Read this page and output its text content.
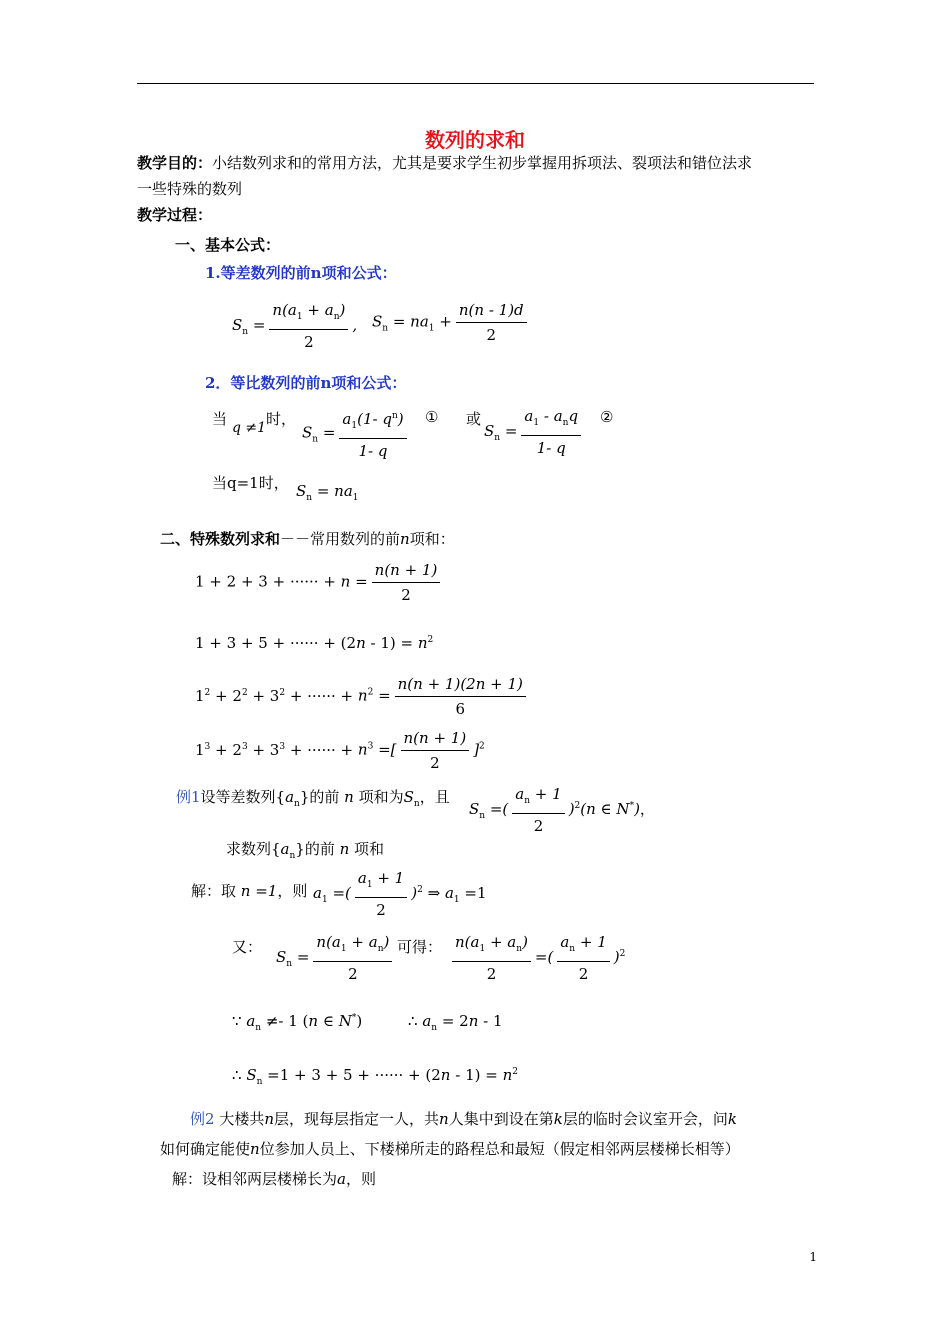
数列的求和
教学目的：小结数列求和的常用方法，尤其是要求学生初步掌握用拆项法、裂项法和错位法求
一些特殊的数列
教学过程：
一、基本公式：
1.等差数列的前n项和公式：
$S_n = \frac{n(a_1 + a_n)}{2}$ , $S_n = na_1 + \frac{n(n - 1)d}{2}$
2．等比数列的前n项和公式：
当 q ≠1 时，
$S_n = \frac{a_1(1- q^n)}{1- q}$ ① 或
$S_n = \frac{a_1 - a_nq}{1- q}$ ②
当q=1时， $S_n = na_1$
二、特殊数列求和－－常用数列的前n项和：
1 + 2 + 3 + ······ + $n = \frac{n(n + 1)}{2}$
1 + 3 + 5 + ······ + $(2n - 1) = n^2$
$1^2 + 2^2 + 3^2$ + ······ + $n^2 = \frac{n(n + 1)(2n + 1)}{6}$
$1^3 + 2^3 + 3^3$ + ······ + $n^3$ =[ $\frac{n(n + 1)}{2} ]^2$
例1设等差数列$\{a_n\}$的前 n 项和为$S_n$，且
$S_n$ =( $\frac{a_n + 1}{2} )^2(n$ ∈ N*)，
求数列$\{a_n\}$的前 n 项和
解：取 n =1，则 $a_1$ =( $\frac{a_1 + 1}{2} )^2$ ⇒ $a_1 =1$
又：
$S_n = \frac{n(a_1 + a_n)}{2}$ 可得： $\frac{n(a_1 + a_n)}{2}$ =( $\frac{a_n + 1}{2} )^2$
∵ $a_n \ne- 1$ (n ∈ N*)	∴ $a_n = 2n - 1$
∴ $S_n =1 + 3 + 5$ + ······ + $(2n - 1) = n^2$
例2 大楼共n层，现每层指定一人，共n人集中到设在第k层的临时会议室开会，问k
如何确定能使n位参加人员上、下楼梯所走的路程总和最短（假定相邻两层楼梯长相等）
解：设相邻两层楼梯长为a，则
1
